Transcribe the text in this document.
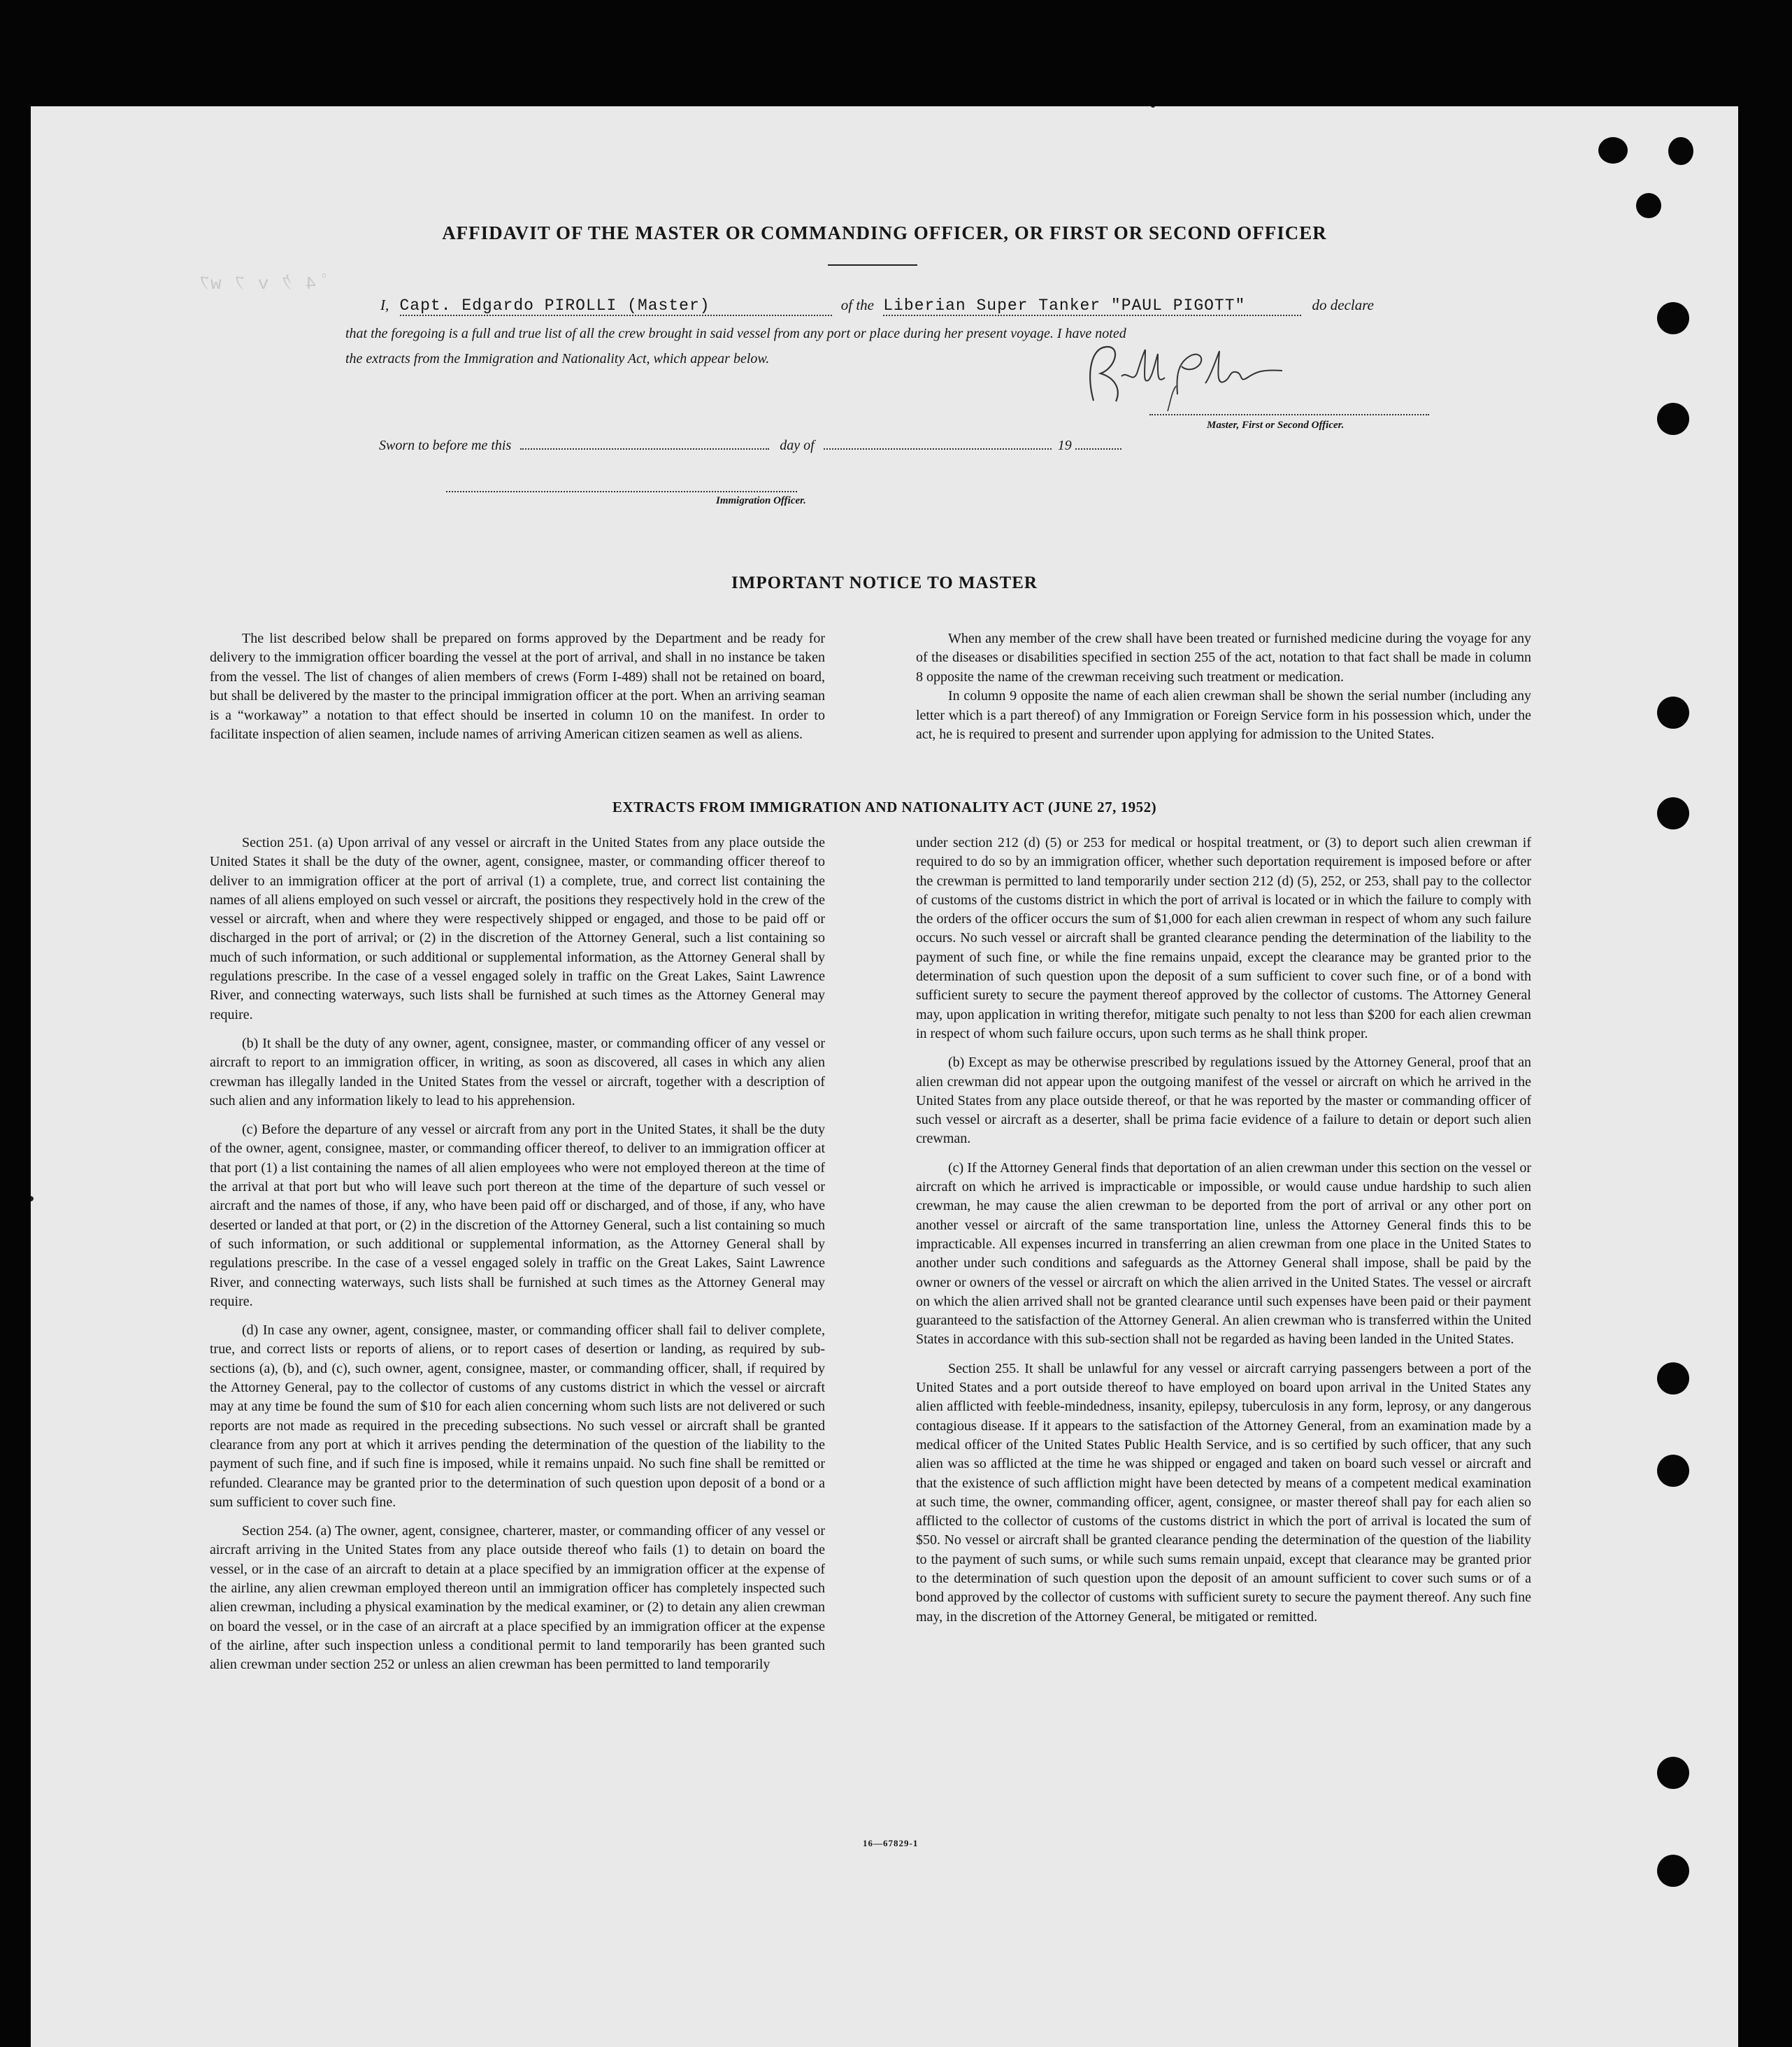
ﾟ4 ｸ v ﾌ wﾌ
AFFIDAVIT OF THE MASTER OR COMMANDING OFFICER, OR FIRST OR SECOND OFFICER
I, Capt. Edgardo PIROLLI (Master)	of the Liberian Super Tanker "PAUL PIGOTT"	do declare
that the foregoing is a full and true list of all the crew brought in said vessel from any port or place during her present voyage. I have noted
the extracts from the Immigration and Nationality Act, which appear below.
Master, First or Second Officer.
Sworn to before me this	day of	19
Immigration Officer.
IMPORTANT NOTICE TO MASTER

The list described below shall be prepared on forms approved by the Department and be ready for delivery to the immigration officer boarding the vessel at the port of arrival, and shall in no instance be taken from the vessel. The list of changes of alien members of crews (Form I-489) shall not be retained on board, but shall be delivered by the master to the principal immigration officer at the port. When an arriving seaman is a “workaway” a notation to that effect should be inserted in column 10 on the manifest. In order to facilitate inspection of alien seamen, include names of arriving American citizen seamen as well as aliens.

When any member of the crew shall have been treated or furnished medicine during the voyage for any of the diseases or disabilities specified in section 255 of the act, notation to that fact shall be made in column 8 opposite the name of the crewman receiving such treatment or medication.

In column 9 opposite the name of each alien crewman shall be shown the serial number (including any letter which is a part thereof) of any Immigration or Foreign Service form in his possession which, under the act, he is required to present and surrender upon applying for admission to the United States.

EXTRACTS FROM IMMIGRATION AND NATIONALITY ACT (JUNE 27, 1952)

Section 251. (a) Upon arrival of any vessel or aircraft in the United States from any place outside the United States it shall be the duty of the owner, agent, consignee, master, or commanding officer thereof to deliver to an immigration officer at the port of arrival (1) a complete, true, and correct list containing the names of all aliens employed on such vessel or aircraft, the positions they respectively hold in the crew of the vessel or aircraft, when and where they were respectively shipped or engaged, and those to be paid off or discharged in the port of arrival; or (2) in the discretion of the Attorney General, such a list containing so much of such information, or such additional or supplemental information, as the Attorney General shall by regulations prescribe. In the case of a vessel engaged solely in traffic on the Great Lakes, Saint Lawrence River, and connecting waterways, such lists shall be furnished at such times as the Attorney General may require.

(b) It shall be the duty of any owner, agent, consignee, master, or commanding officer of any vessel or aircraft to report to an immigration officer, in writing, as soon as discovered, all cases in which any alien crewman has illegally landed in the United States from the vessel or aircraft, together with a description of such alien and any information likely to lead to his apprehension.

(c) Before the departure of any vessel or aircraft from any port in the United States, it shall be the duty of the owner, agent, consignee, master, or commanding officer thereof, to deliver to an immigration officer at that port (1) a list containing the names of all alien employees who were not employed thereon at the time of the arrival at that port but who will leave such port thereon at the time of the departure of such vessel or aircraft and the names of those, if any, who have been paid off or discharged, and of those, if any, who have deserted or landed at that port, or (2) in the discretion of the Attorney General, such a list containing so much of such information, or such additional or supplemental information, as the Attorney General shall by regulations prescribe. In the case of a vessel engaged solely in traffic on the Great Lakes, Saint Lawrence River, and connecting waterways, such lists shall be furnished at such times as the Attorney General may require.

(d) In case any owner, agent, consignee, master, or commanding officer shall fail to deliver complete, true, and correct lists or reports of aliens, or to report cases of desertion or landing, as required by sub-sections (a), (b), and (c), such owner, agent, consignee, master, or commanding officer, shall, if required by the Attorney General, pay to the collector of customs of any customs district in which the vessel or aircraft may at any time be found the sum of $10 for each alien concerning whom such lists are not delivered or such reports are not made as required in the preceding subsections. No such vessel or aircraft shall be granted clearance from any port at which it arrives pending the determination of the question of the liability to the payment of such fine, and if such fine is imposed, while it remains unpaid. No such fine shall be remitted or refunded. Clearance may be granted prior to the determination of such question upon deposit of a bond or a sum sufficient to cover such fine.

Section 254. (a) The owner, agent, consignee, charterer, master, or commanding officer of any vessel or aircraft arriving in the United States from any place outside thereof who fails (1) to detain on board the vessel, or in the case of an aircraft to detain at a place specified by an immigration officer at the expense of the airline, any alien crewman employed thereon until an immigration officer has completely inspected such alien crewman, including a physical examination by the medical examiner, or (2) to detain any alien crewman on board the vessel, or in the case of an aircraft at a place specified by an immigration officer at the expense of the airline, after such inspection unless a conditional permit to land temporarily has been granted such alien crewman under section 252 or unless an alien crewman has been permitted to land temporarily

under section 212 (d) (5) or 253 for medical or hospital treatment, or (3) to deport such alien crewman if required to do so by an immigration officer, whether such deportation requirement is imposed before or after the crewman is permitted to land temporarily under section 212 (d) (5), 252, or 253, shall pay to the collector of customs of the customs district in which the port of arrival is located or in which the failure to comply with the orders of the officer occurs the sum of $1,000 for each alien crewman in respect of whom any such failure occurs. No such vessel or aircraft shall be granted clearance pending the determination of the liability to the payment of such fine, or while the fine remains unpaid, except the clearance may be granted prior to the determination of such question upon the deposit of a sum sufficient to cover such fine, or of a bond with sufficient surety to secure the payment thereof approved by the collector of customs. The Attorney General may, upon application in writing therefor, mitigate such penalty to not less than $200 for each alien crewman in respect of whom such failure occurs, upon such terms as he shall think proper.

(b) Except as may be otherwise prescribed by regulations issued by the Attorney General, proof that an alien crewman did not appear upon the outgoing manifest of the vessel or aircraft on which he arrived in the United States from any place outside thereof, or that he was reported by the master or commanding officer of such vessel or aircraft as a deserter, shall be prima facie evidence of a failure to detain or deport such alien crewman.

(c) If the Attorney General finds that deportation of an alien crewman under this section on the vessel or aircraft on which he arrived is impracticable or impossible, or would cause undue hardship to such alien crewman, he may cause the alien crewman to be deported from the port of arrival or any other port on another vessel or aircraft of the same transportation line, unless the Attorney General finds this to be impracticable. All expenses incurred in transferring an alien crewman from one place in the United States to another under such conditions and safeguards as the Attorney General shall impose, shall be paid by the owner or owners of the vessel or aircraft on which the alien arrived in the United States. The vessel or aircraft on which the alien arrived shall not be granted clearance until such expenses have been paid or their payment guaranteed to the satisfaction of the Attorney General. An alien crewman who is transferred within the United States in accordance with this sub-section shall not be regarded as having been landed in the United States.

Section 255. It shall be unlawful for any vessel or aircraft carrying passengers between a port of the United States and a port outside thereof to have employed on board upon arrival in the United States any alien afflicted with feeble-mindedness, insanity, epilepsy, tuberculosis in any form, leprosy, or any dangerous contagious disease. If it appears to the satisfaction of the Attorney General, from an examination made by a medical officer of the United States Public Health Service, and is so certified by such officer, that any such alien was so afflicted at the time he was shipped or engaged and taken on board such vessel or aircraft and that the existence of such affliction might have been detected by means of a competent medical examination at such time, the owner, commanding officer, agent, consignee, or master thereof shall pay for each alien so afflicted to the collector of customs of the customs district in which the port of arrival is located the sum of $50. No vessel or aircraft shall be granted clearance pending the determination of the question of the liability to the payment of such sums, or while such sums remain unpaid, except that clearance may be granted prior to the determination of such question upon the deposit of an amount sufficient to cover such sums or of a bond approved by the collector of customs with sufficient surety to secure the payment thereof. Any such fine may, in the discretion of the Attorney General, be mitigated or remitted.

16—67829-1
